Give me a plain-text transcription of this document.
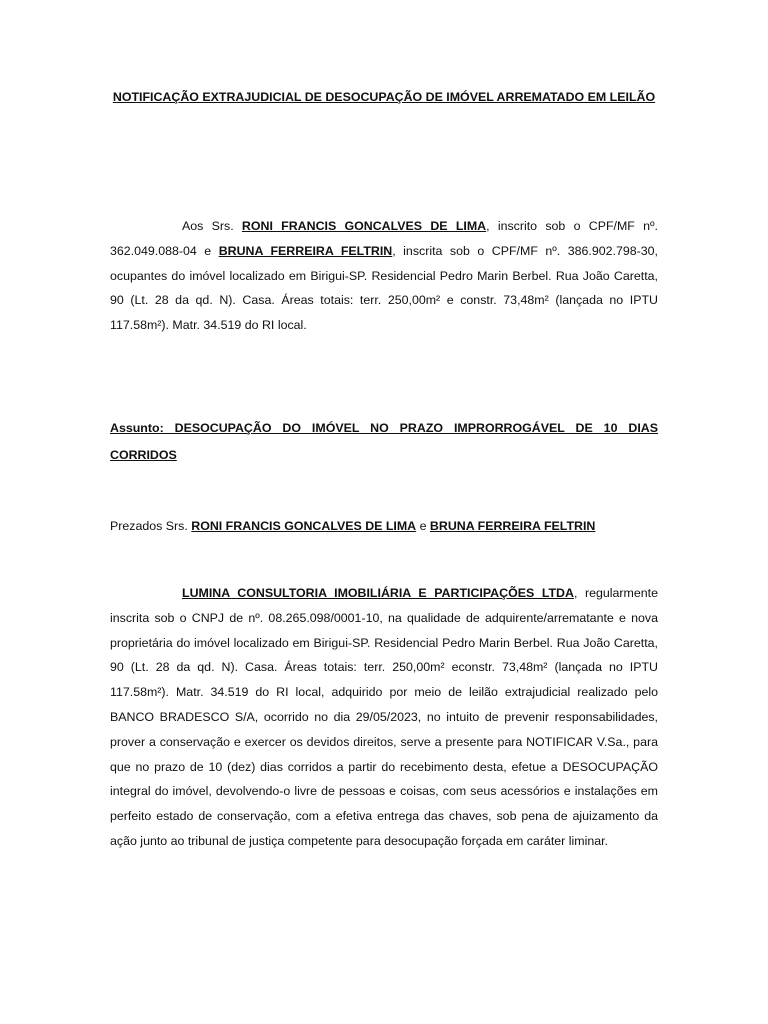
NOTIFICAÇÃO EXTRAJUDICIAL DE DESOCUPAÇÃO DE IMÓVEL ARREMATADO EM LEILÃO

Aos Srs. RONI FRANCIS GONCALVES DE LIMA, inscrito sob o CPF/MF nº. 362.049.088-04 e BRUNA FERREIRA FELTRIN, inscrita sob o CPF/MF nº. 386.902.798-30, ocupantes do imóvel localizado em Birigui-SP. Residencial Pedro Marin Berbel. Rua João Caretta, 90 (Lt. 28 da qd. N). Casa. Áreas totais: terr. 250,00m² e constr. 73,48m² (lançada no IPTU 117.58m²). Matr. 34.519 do RI local.

Assunto: DESOCUPAÇÃO DO IMÓVEL NO PRAZO IMPRORROGÁVEL DE 10 DIAS CORRIDOS

Prezados Srs. RONI FRANCIS GONCALVES DE LIMA e BRUNA FERREIRA FELTRIN

LUMINA CONSULTORIA IMOBILIÁRIA E PARTICIPAÇÕES LTDA, regularmente inscrita sob o CNPJ de nº. 08.265.098/0001-10, na qualidade de adquirente/arrematante e nova proprietária do imóvel localizado em Birigui-SP. Residencial Pedro Marin Berbel. Rua João Caretta, 90 (Lt. 28 da qd. N). Casa. Áreas totais: terr. 250,00m² econstr. 73,48m² (lançada no IPTU 117.58m²). Matr. 34.519 do RI local, adquirido por meio de leilão extrajudicial realizado pelo BANCO BRADESCO S/A, ocorrido no dia 29/05/2023, no intuito de prevenir responsabilidades, prover a conservação e exercer os devidos direitos, serve a presente para NOTIFICAR V.Sa., para que no prazo de 10 (dez) dias corridos a partir do recebimento desta, efetue a DESOCUPAÇÃO integral do imóvel, devolvendo-o livre de pessoas e coisas, com seus acessórios e instalações em perfeito estado de conservação, com a efetiva entrega das chaves, sob pena de ajuizamento da ação junto ao tribunal de justiça competente para desocupação forçada em caráter liminar.
